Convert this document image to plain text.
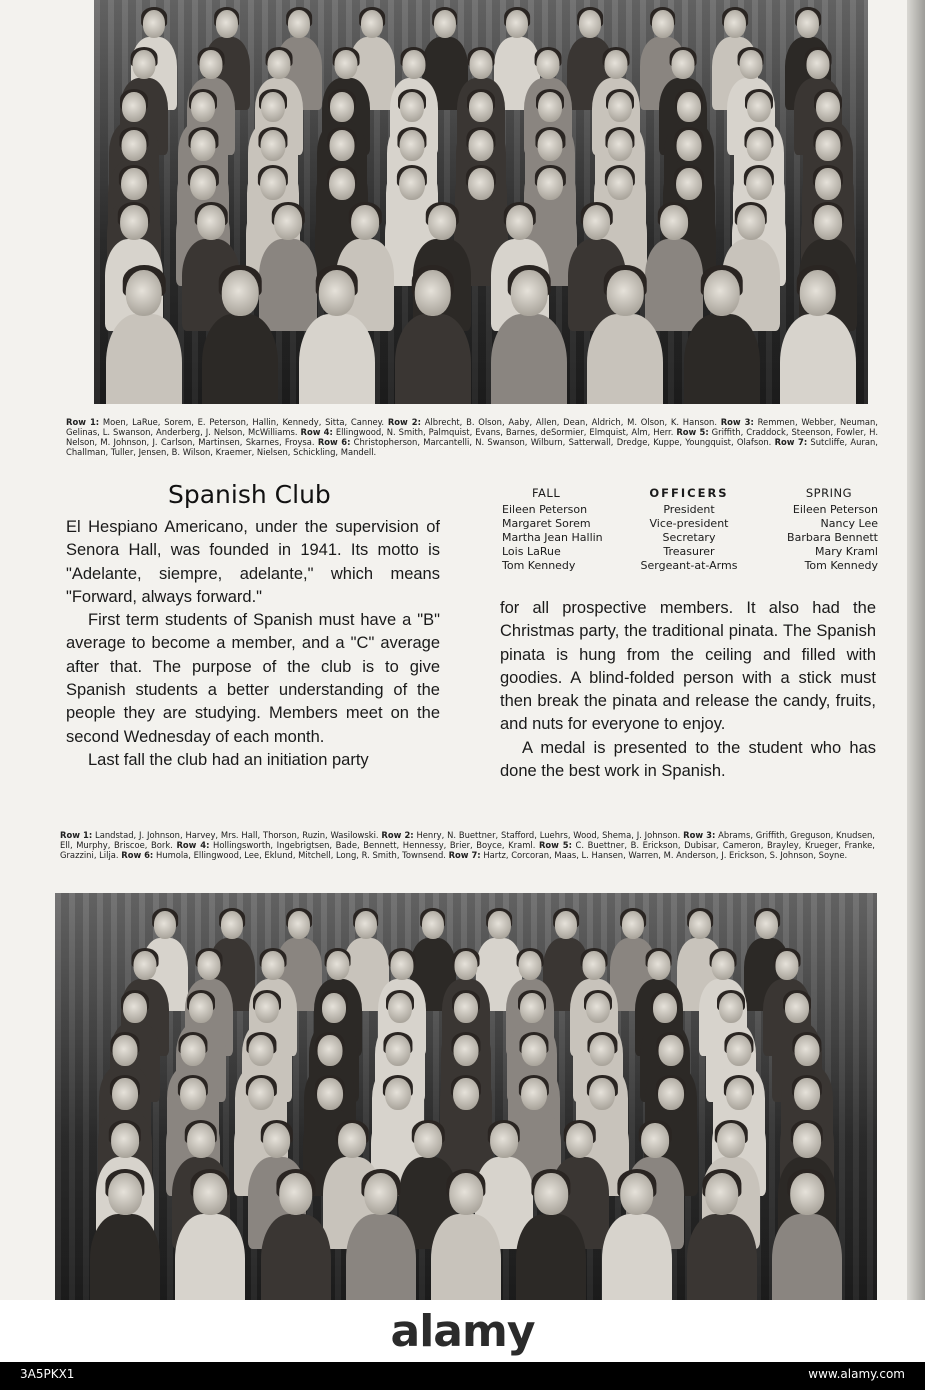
Row 1: Moen, LaRue, Sorem, E. Peterson, Hallin, Kennedy, Sitta, Canney. Row 2: Albrecht, B. Olson, Aaby, Allen, Dean, Aldrich, M. Olson, K. Hanson. Row 3: Remmen, Webber, Neuman, Gelinas, L. Swanson, Anderberg, J. Nelson, McWilliams. Row 4: Ellingwood, N. Smith, Palmquist, Evans, Barnes, deSormier, Elmquist, Alm, Herr. Row 5: Griffith, Craddock, Steenson, Fowler, H. Nelson, M. Johnson, J. Carlson, Martinsen, Skarnes, Froysa. Row 6: Christopherson, Marcantelli, N. Swanson, Wilburn, Satterwall, Dredge, Kuppe, Youngquist, Olafson. Row 7: Sutcliffe, Auran, Challman, Tuller, Jensen, B. Wilson, Kraemer, Nielsen, Schickling, Mandell.
Spanish Club

El Hespiano Americano, under the supervision of Senora Hall, was founded in 1941. Its motto is "Adelante, siempre, adelante," which means "Forward, always forward."

First term students of Spanish must have a "B" average to become a member, and a "C" average after that. The purpose of the club is to give Spanish students a better understanding of the people they are studying. Members meet on the second Wednesday of each month.

Last fall the club had an initiation party

FALL
Eileen Peterson
Margaret Sorem
Martha Jean Hallin
Lois LaRue
Tom Kennedy
OFFICERS
President
Vice-president
Secretary
Treasurer
Sergeant-at-Arms
SPRING
Eileen Peterson
Nancy Lee
Barbara Bennett
Mary Kraml
Tom Kennedy

for all prospective members. It also had the Christmas party, the traditional pinata. The Spanish pinata is hung from the ceiling and filled with goodies. A blind-folded person with a stick must then break the pinata and release the candy, fruits, and nuts for everyone to enjoy.

A medal is presented to the student who has done the best work in Spanish.

Row 1: Landstad, J. Johnson, Harvey, Mrs. Hall, Thorson, Ruzin, Wasilowski. Row 2: Henry, N. Buettner, Stafford, Luehrs, Wood, Shema, J. Johnson. Row 3: Abrams, Griffith, Greguson, Knudsen, Ell, Murphy, Briscoe, Bork. Row 4: Hollingsworth, Ingebrigtsen, Bade, Bennett, Hennessy, Brier, Boyce, Kraml. Row 5: C. Buettner, B. Erickson, Dubisar, Cameron, Brayley, Krueger, Franke, Grazzini, Lilja. Row 6: Humola, Ellingwood, Lee, Eklund, Mitchell, Long, R. Smith, Townsend. Row 7: Hartz, Corcoran, Maas, L. Hansen, Warren, M. Anderson, J. Erickson, S. Johnson, Soyne.
alamy
3A5PKX1	www.alamy.com
